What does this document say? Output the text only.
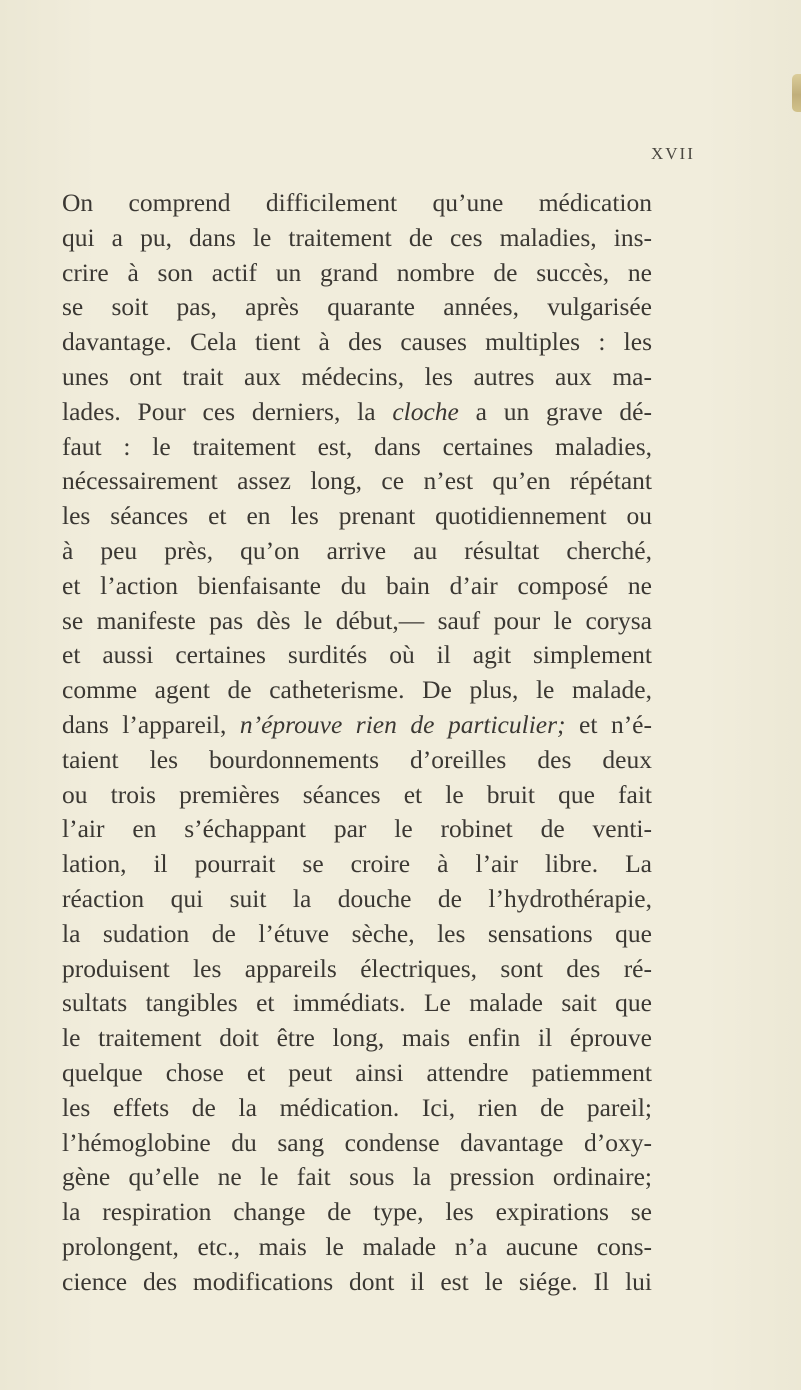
XVII
On comprend difficilement qu’une médication
qui a pu, dans le traitement de ces maladies, ins-
crire à son actif un grand nombre de succès, ne
se soit pas, après quarante années, vulgarisée
davantage. Cela tient à des causes multiples : les
unes ont trait aux médecins, les autres aux ma-
lades. Pour ces derniers, la cloche a un grave dé-
faut : le traitement est, dans certaines maladies,
nécessairement assez long, ce n’est qu’en répétant
les séances et en les prenant quotidiennement ou
à peu près, qu’on arrive au résultat cherché,
et l’action bienfaisante du bain d’air composé ne
se manifeste pas dès le début,— sauf pour le corysa
et aussi certaines surdités où il agit simplement
comme agent de catheterisme. De plus, le malade,
dans l’appareil, n’éprouve rien de particulier; et n’é-
taient les bourdonnements d’oreilles des deux
ou trois premières séances et le bruit que fait
l’air en s’échappant par le robinet de venti-
lation, il pourrait se croire à l’air libre. La
réaction qui suit la douche de l’hydrothérapie,
la sudation de l’étuve sèche, les sensations que
produisent les appareils électriques, sont des ré-
sultats tangibles et immédiats. Le malade sait que
le traitement doit être long, mais enfin il éprouve
quelque chose et peut ainsi attendre patiemment
les effets de la médication. Ici, rien de pareil;
l’hémoglobine du sang condense davantage d’oxy-
gène qu’elle ne le fait sous la pression ordinaire;
la respiration change de type, les expirations se
prolongent, etc., mais le malade n’a aucune cons-
cience des modifications dont il est le siége. Il lui
